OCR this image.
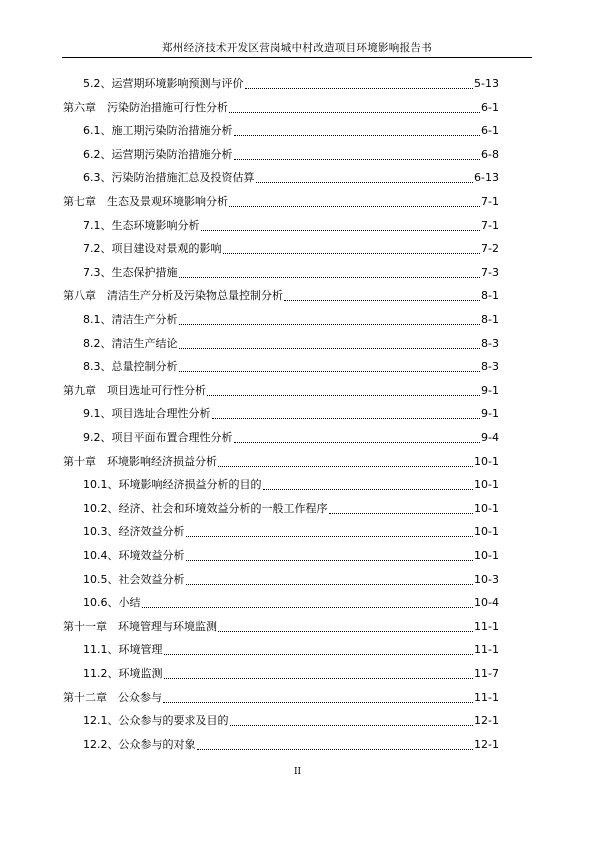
郑州经济技术开发区营岗城中村改造项目环境影响报告书
5.2、 运营期环境影响预测与评价	5-13
第六章　 污染防治措施可行性分析	6-1
6.1、 施工期污染防治措施分析	6-1
6.2、 运营期污染防治措施分析	6-8
6.3、 污染防治措施汇总及投资估算	6-13
第七章　 生态及景观环境影响分析	7-1
7.1、 生态环境影响分析	7-1
7.2、 项目建设对景观的影响	7-2
7.3、 生态保护措施	7-3
第八章　 清洁生产分析及污染物总量控制分析	8-1
8.1、 清洁生产分析	8-1
8.2、 清洁生产结论	8-3
8.3、 总量控制分析	8-3
第九章　 项目选址可行性分析	9-1
9.1、 项目选址合理性分析	9-1
9.2、 项目平面布置合理性分析	9-4
第十章　 环境影响经济损益分析	10-1
10.1、 环境影响经济损益分析的目的	10-1
10.2、 经济、社会和环境效益分析的一般工作程序	10-1
10.3、 经济效益分析	10-1
10.4、 环境效益分析	10-1
10.5、 社会效益分析	10-3
10.6、 小结	10-4
第十一章　 环境管理与环境监测	11-1
11.1、 环境管理	11-1
11.2、 环境监测	11-7
第十二章　 公众参与	11-1
12.1、 公众参与的要求及目的	12-1
12.2、 公众参与的对象	12-1
II
